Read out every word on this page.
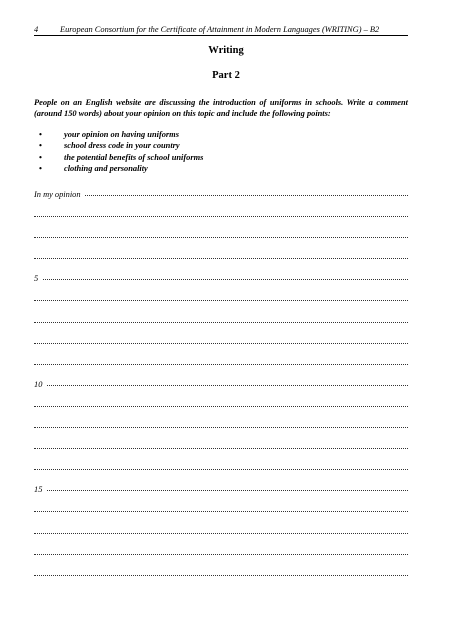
4	European Consortium for the Certificate of Attainment in Modern Languages (WRITING) – B2
Writing
Part 2
People on an English website are discussing the introduction of uniforms in schools. Write a comment (around 150 words) about your opinion on this topic and include the following points:
• your opinion on having uniforms
• school dress code in your country
• the potential benefits of school uniforms
• clothing and personality
In my opinion
5
10
15
